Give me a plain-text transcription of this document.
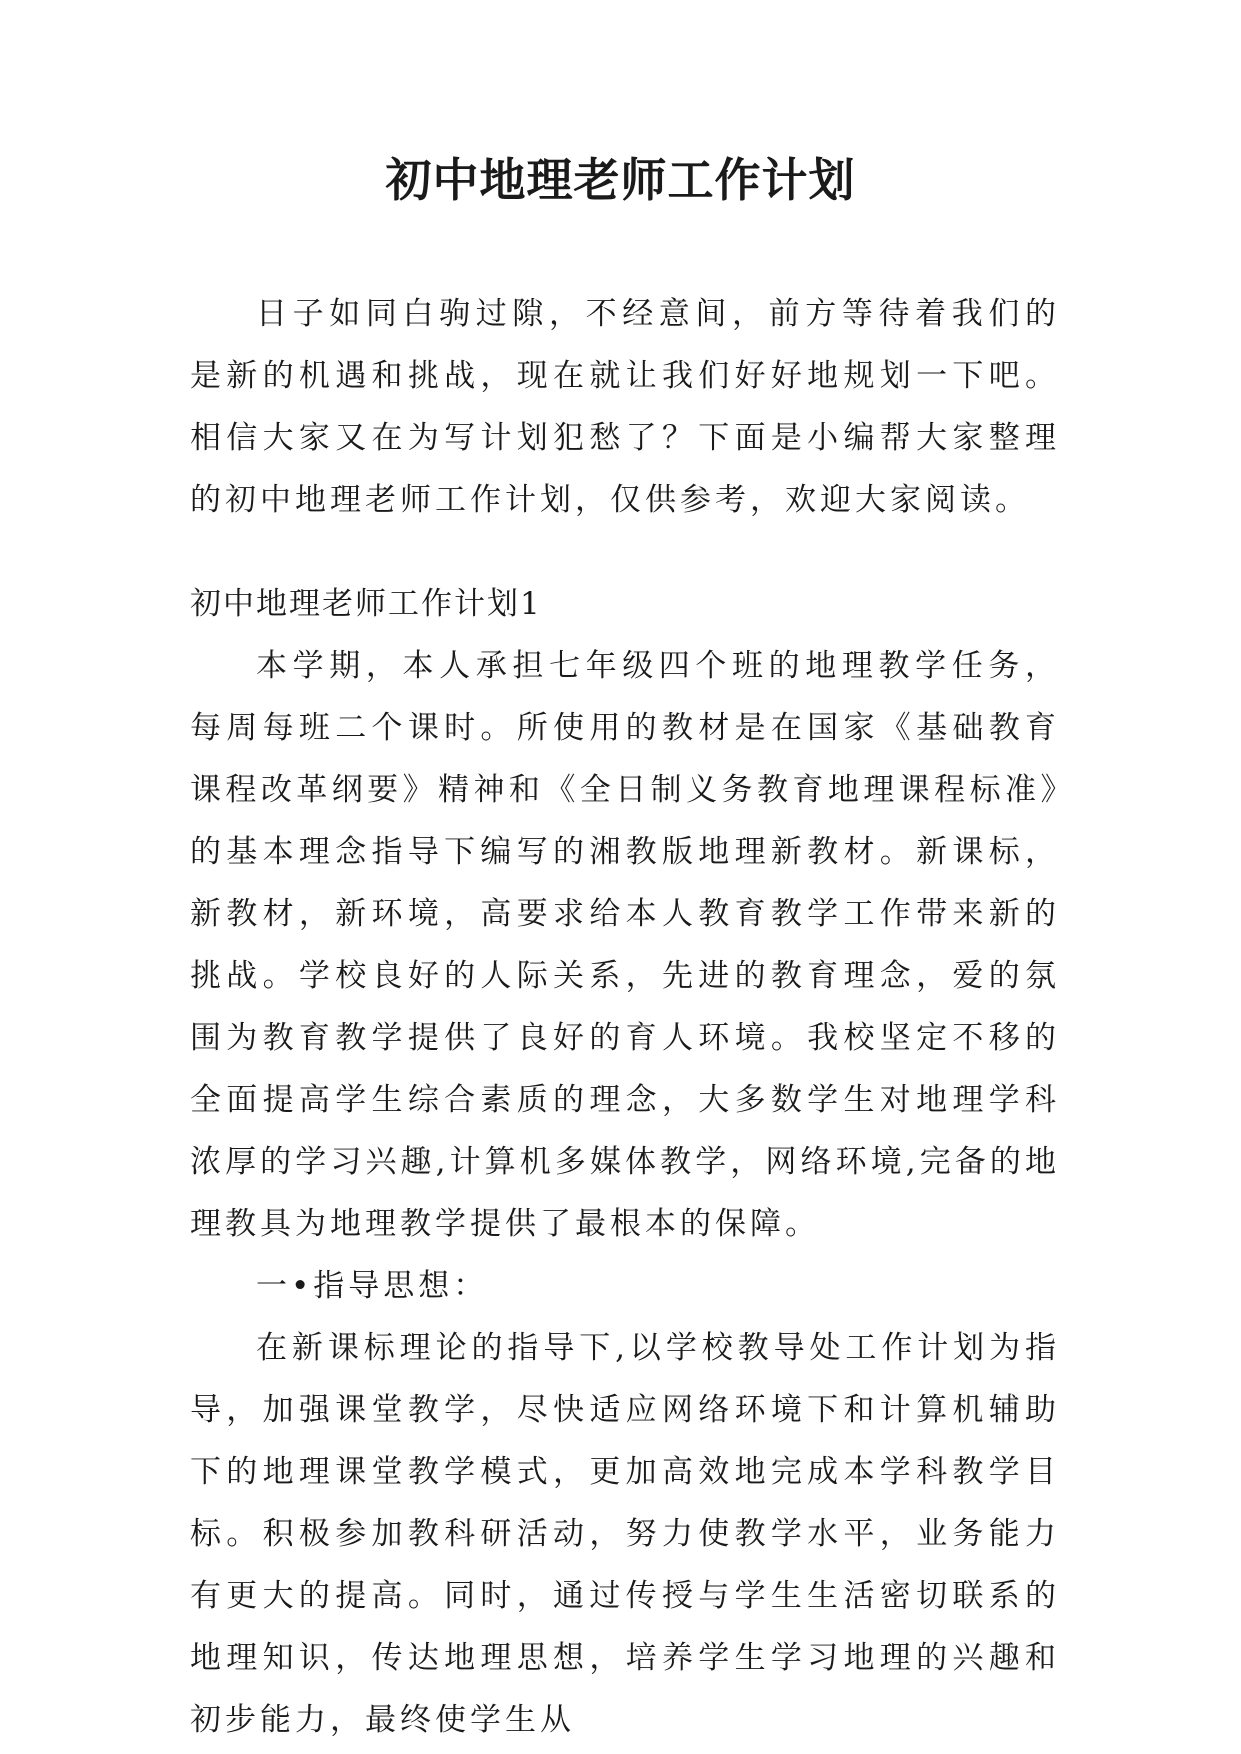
初中地理老师工作计划

日子如同白驹过隙，不经意间，前方等待着我们的是新的机遇和挑战，现在就让我们好好地规划一下吧。相信大家又在为写计划犯愁了？下面是小编帮大家整理的初中地理老师工作计划，仅供参考，欢迎大家阅读。

初中地理老师工作计划1

本学期，本人承担七年级四个班的地理教学任务，每周每班二个课时。所使用的教材是在国家《基础教育课程改革纲要》精神和《全日制义务教育地理课程标准》的基本理念指导下编写的湘教版地理新教材。新课标，新教材，新环境，高要求给本人教育教学工作带来新的挑战。学校良好的人际关系，先进的教育理念，爱的氛围为教育教学提供了良好的育人环境。我校坚定不移的全面提高学生综合素质的理念，大多数学生对地理学科浓厚的学习兴趣,计算机多媒体教学，网络环境,完备的地理教具为地理教学提供了最根本的保障。

一•指导思想：

在新课标理论的指导下,以学校教导处工作计划为指导，加强课堂教学，尽快适应网络环境下和计算机辅助下的地理课堂教学模式，更加高效地完成本学科教学目标。积极参加教科研活动，努力使教学水平，业务能力有更大的提高。同时，通过传授与学生生活密切联系的地理知识，传达地理思想，培养学生学习地理的兴趣和初步能力，最终使学生从
